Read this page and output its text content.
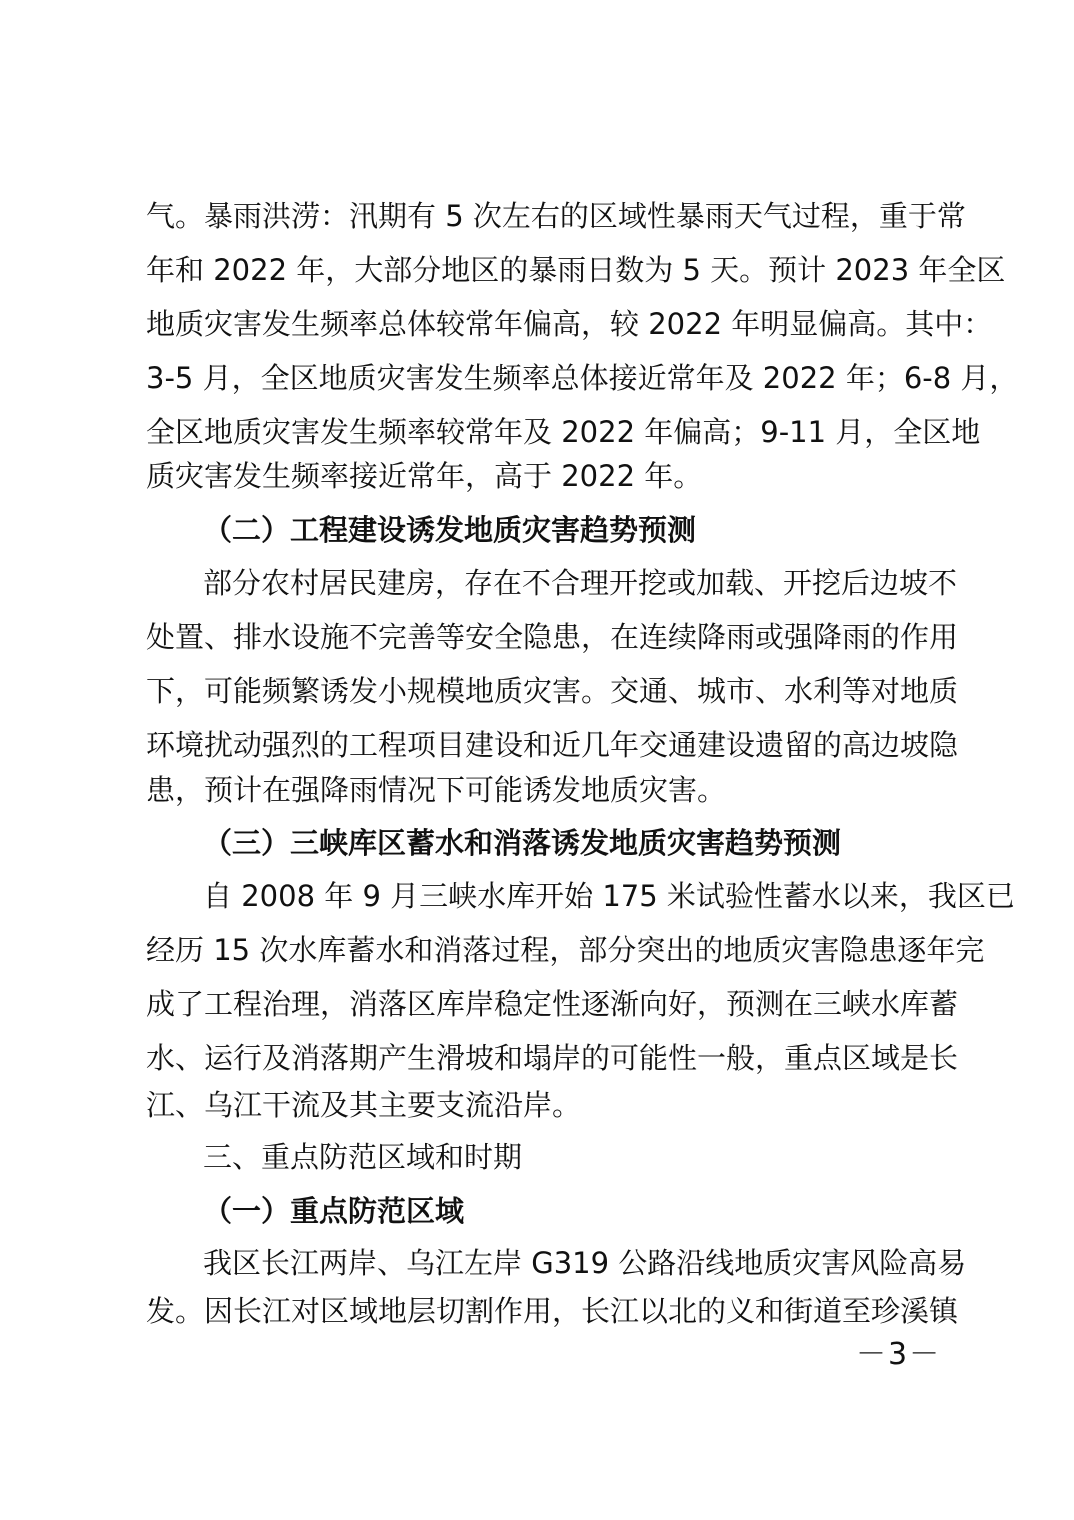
气。暴雨洪涝：汛期有 5 次左右的区域性暴雨天气过程，重于常
年和 2022 年，大部分地区的暴雨日数为 5 天。预计 2023 年全区
地质灾害发生频率总体较常年偏高，较 2022 年明显偏高。其中：
3-5 月，全区地质灾害发生频率总体接近常年及 2022 年；6-8 月，
全区地质灾害发生频率较常年及 2022 年偏高；9-11 月，全区地
质灾害发生频率接近常年，高于 2022 年。
（二）工程建设诱发地质灾害趋势预测
部分农村居民建房，存在不合理开挖或加载、开挖后边坡不
处置、排水设施不完善等安全隐患，在连续降雨或强降雨的作用
下，可能频繁诱发小规模地质灾害。交通、城市、水利等对地质
环境扰动强烈的工程项目建设和近几年交通建设遗留的高边坡隐
患，预计在强降雨情况下可能诱发地质灾害。
（三）三峡库区蓄水和消落诱发地质灾害趋势预测
自 2008 年 9 月三峡水库开始 175 米试验性蓄水以来，我区已
经历 15 次水库蓄水和消落过程，部分突出的地质灾害隐患逐年完
成了工程治理，消落区库岸稳定性逐渐向好，预测在三峡水库蓄
水、运行及消落期产生滑坡和塌岸的可能性一般，重点区域是长
江、乌江干流及其主要支流沿岸。
三、重点防范区域和时期
（一）重点防范区域
我区长江两岸、乌江左岸 G319 公路沿线地质灾害风险高易
发。因长江对区域地层切割作用，长江以北的义和街道至珍溪镇
－3－
